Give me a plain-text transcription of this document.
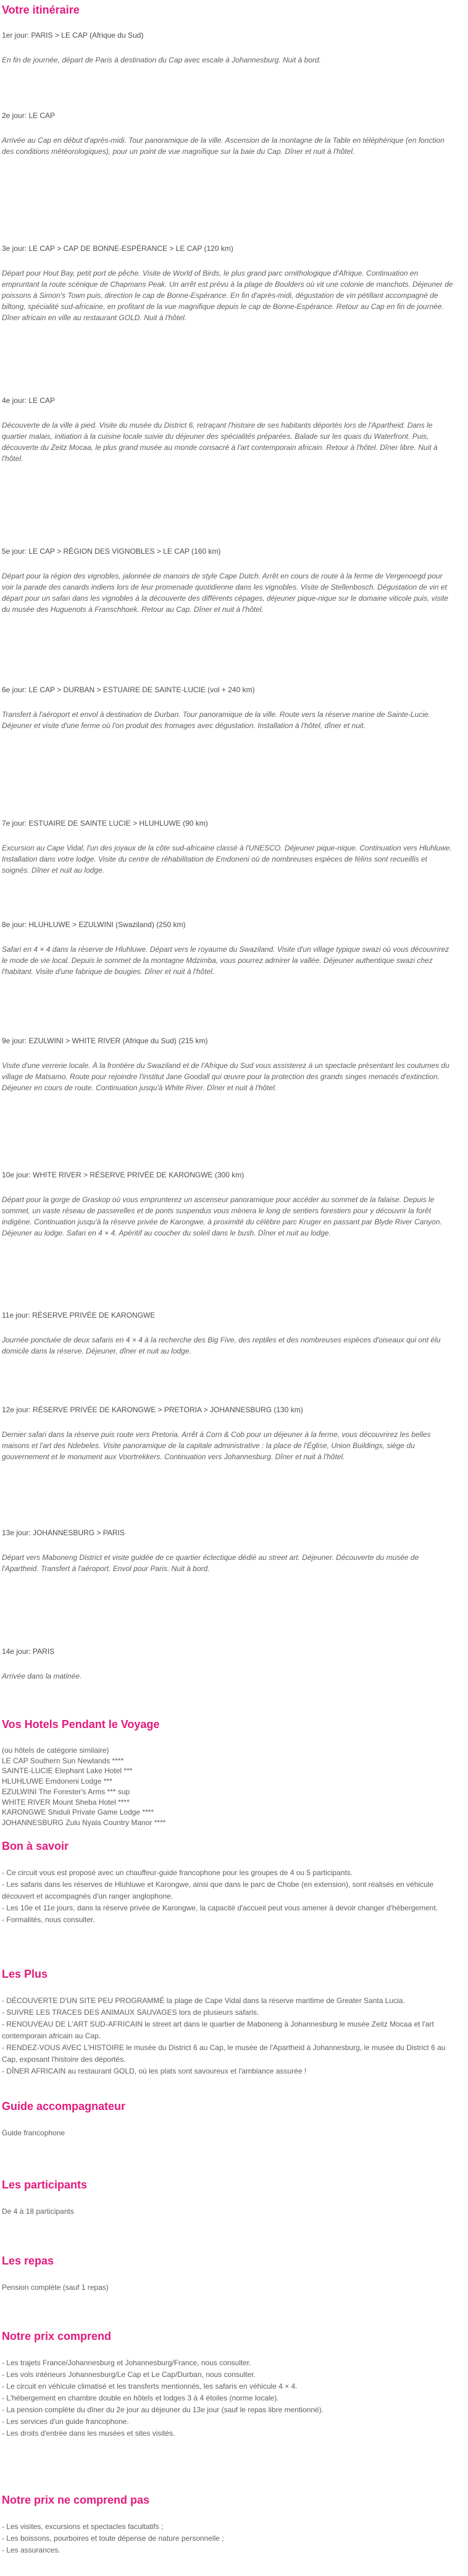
Votre itinéraire

1er jour: PARIS > LE CAP (Afrique du Sud)

En fin de journée, départ de Paris à destination du Cap avec escale à Johannesburg. Nuit à bord.

2e jour: LE CAP

Arrivée au Cap en début d'après-midi. Tour panoramique de la ville. Ascension de la montagne de la Table en téléphérique (en fonction des conditions météorologiques), pour un point de vue magnifique sur la baie du Cap. Dîner et nuit à l'hôtel.

3e jour: LE CAP > CAP DE BONNE-ESPÉRANCE > LE CAP (120 km)

Départ pour Hout Bay, petit port de pêche. Visite de World of Birds, le plus grand parc ornithologique d'Afrique. Continuation en empruntant la route scénique de Chapmans Peak. Un arrêt est prévu à la plage de Boulders où vit une colonie de manchots. Déjeuner de poissons à Simon's Town puis, direction le cap de Bonne-Espérance. En fin d'après-midi, dégustation de vin pétillant accompagné de biltong, spécialité sud-africaine, en profitant de la vue magnifique depuis le cap de Bonne-Espérance. Retour au Cap en fin de journée. Dîner africain en ville au restaurant GOLD. Nuit à l'hôtel.

4e jour: LE CAP

Découverte de la ville à pied. Visite du musée du District 6, retraçant l'histoire de ses habitants déportés lors de l'Apartheid. Dans le quartier malais, initiation à la cuisine locale suivie du déjeuner des spécialités préparées. Balade sur les quais du Waterfront. Puis, découverte du Zeitz Mocaa, le plus grand musée au monde consacré à l'art contemporain africain. Retour à l'hôtel. Dîner libre. Nuit à l'hôtel.

5e jour: LE CAP > RÉGION DES VIGNOBLES > LE CAP (160 km)

Départ pour la région des vignobles, jalonnée de manoirs de style Cape Dutch. Arrêt en cours de route à la ferme de Vergenoegd pour voir la parade des canards indiens lors de leur promenade quotidienne dans les vignobles. Visite de Stellenbosch. Dégustation de vin et départ pour un safari dans les vignobles à la découverte des différents cépages, déjeuner pique-nique sur le domaine viticole puis, visite du musée des Huguenots à Franschhoek. Retour au Cap. Dîner et nuit à l'hôtel.

6e jour: LE CAP > DURBAN > ESTUAIRE DE SAINTE-LUCIE (vol + 240 km)

Transfert à l'aéroport et envol à destination de Durban. Tour panoramique de la ville. Route vers la réserve marine de Sainte-Lucie. Déjeuner et visite d'une ferme où l'on produit des fromages avec dégustation. Installation à l'hôtel, dîner et nuit.

7e jour: ESTUAIRE DE SAINTE LUCIE > HLUHLUWE (90 km)

Excursion au Cape Vidal, l'un des joyaux de la côte sud-africaine classé à l'UNESCO. Déjeuner pique-nique. Continuation vers Hluhluwe. Installation dans votre lodge. Visite du centre de réhabilitation de Emdoneni où de nombreuses espèces de félins sont recueillis et soignés. Dîner et nuit au lodge.

8e jour: HLUHLUWE > EZULWINI (Swaziland) (250 km)

Safari en 4 × 4 dans la réserve de Hluhluwe. Départ vers le royaume du Swaziland. Visite d'un village typique swazi où vous découvrirez le mode de vie local. Depuis le sommet de la montagne Mdzimba, vous pourrez admirer la vallée. Déjeuner authentique swazi chez l'habitant. Visite d'une fabrique de bougies. Dîner et nuit à l'hôtel.

9e jour: EZULWINI > WHITE RIVER (Afrique du Sud) (215 km)

Visite d'une verrerie locale. À la frontière du Swaziland et de l'Afrique du Sud vous assisterez à un spectacle présentant les coutumes du village de Matsamo. Route pour rejoindre l'institut Jane Goodall qui œuvre pour la protection des grands singes menacés d'extinction. Déjeuner en cours de route. Continuation jusqu'à White River. Dîner et nuit à l'hôtel.

10e jour: WHITE RIVER > RÉSERVE PRIVÉE DE KARONGWE (300 km)

Départ pour la gorge de Graskop où vous emprunterez un ascenseur panoramique pour accéder au sommet de la falaise. Depuis le sommet, un vaste réseau de passerelles et de ponts suspendus vous mènera le long de sentiers forestiers pour y découvrir la forêt indigène. Continuation jusqu'à la réserve privée de Karongwe, à proximité du célèbre parc Kruger en passant par Blyde River Canyon. Déjeuner au lodge. Safari en 4 × 4. Apéritif au coucher du soleil dans le bush. Dîner et nuit au lodge.

11e jour: RÉSERVE PRIVÉE DE KARONGWE

Journée ponctuée de deux safaris en 4 × 4 à la recherche des Big Five, des reptiles et des nombreuses espèces d'oiseaux qui ont élu domicile dans la réserve. Déjeuner, dîner et nuit au lodge.

12e jour: RÉSERVE PRIVÉE DE KARONGWE > PRETORIA > JOHANNESBURG (130 km)

Dernier safari dans la réserve puis route vers Pretoria. Arrêt à Corn & Cob pour un déjeuner à la ferme, vous découvrirez les belles maisons et l'art des Ndebeles. Visite panoramique de la capitale administrative : la place de l'Église, Union Buildings, siège du gouvernement et le monument aux Voortrekkers. Continuation vers Johannesburg. Dîner et nuit à l'hôtel.

13e jour: JOHANNESBURG > PARIS

Départ vers Maboneng District et visite guidée de ce quartier éclectique dédié au street art. Déjeuner. Découverte du musée de l'Apartheid. Transfert à l'aéroport. Envol pour Paris. Nuit à bord.

14e jour: PARIS

Arrivée dans la matinée.

Vos Hotels Pendant le Voyage
(ou hôtels de catégorie similaire)
LE CAP Southern Sun Newlands ****
SAINTE-LUCIE Elephant Lake Hotel ***
HLUHLUWE Emdoneni Lodge ***
EZULWINI The Forester's Arms *** sup
WHITE RIVER Mount Sheba Hotel ****
KARONGWE Shiduli Private Game Lodge ****
JOHANNESBURG Zulu Nyala Country Manor ****
Bon à savoir
- Ce circuit vous est proposé avec un chauffeur-guide francophone pour les groupes de 4 ou 5 participants.
- Les safaris dans les réserves de Hluhluwe et Karongwe, ainsi que dans le parc de Chobe (en extension), sont réalisés en véhicule découvert et accompagnés d'un ranger anglophone.
- Les 10e et 11e jours, dans la réserve privée de Karongwe, la capacité d'accueil peut vous amener à devoir changer d'hébergement.
- Formalités, nous consulter.
Les Plus
- DÉCOUVERTE D'UN SITE PEU PROGRAMMÉ la plage de Cape Vidal dans la réserve maritime de Greater Santa Lucia.
- SUIVRE LES TRACES DES ANIMAUX SAUVAGES lors de plusieurs safaris.
- RENOUVEAU DE L'ART SUD-AFRICAIN le street art dans le quartier de Maboneng à Johannesburg le musée Zeitz Mocaa et l'art contemporain africain au Cap.
- RENDEZ-VOUS AVEC L'HISTOIRE le musée du District 6 au Cap, le musée de l'Apartheid à Johannesburg, le musée du District 6 au Cap, exposant l'histoire des déportés.
- DÎNER AFRICAIN au restaurant GOLD, où les plats sont savoureux et l'ambiance assurée !
Guide accompagnateur

Guide francophone

Les participants

De 4 à 18 participants

Les repas

Pension complète (sauf 1 repas)

Notre prix comprend
- Les trajets France/Johannesburg et Johannesburg/France, nous consulter.
- Les vols intérieurs Johannesburg/Le Cap et Le Cap/Durban, nous consulter.
- Le circuit en véhicule climatisé et les transferts mentionnés, les safaris en véhicule 4 × 4.
- L'hébergement en chambre double en hôtels et lodges 3 à 4 étoiles (norme locale).
- La pension complète du dîner du 2e jour au déjeuner du 13e jour (sauf le repas libre mentionné).
- Les services d'un guide francophone.
- Les droits d'entrée dans les musées et sites visités.
Notre prix ne comprend pas
- Les visites, excursions et spectacles facultatifs ;
- Les boissons, pourboires et toute dépense de nature personnelle ;
- Les assurances.
